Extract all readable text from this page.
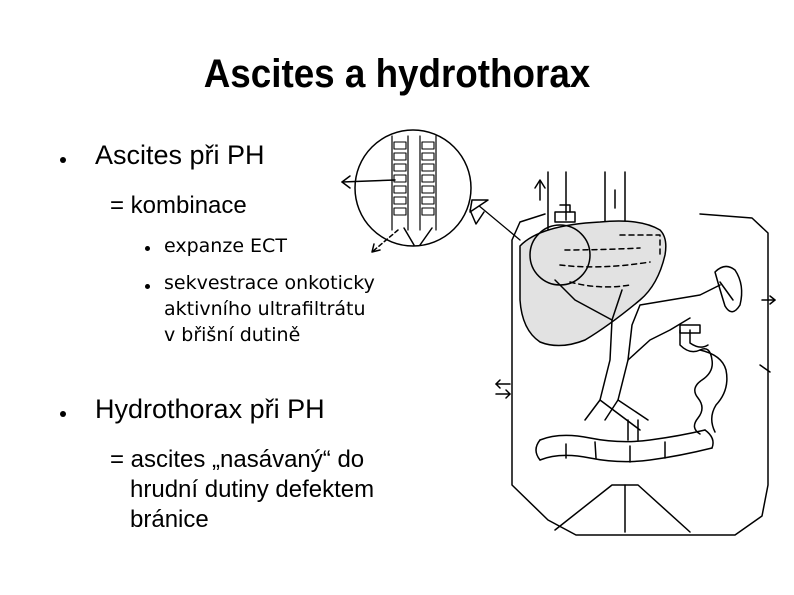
Ascites a hydrothorax
Ascites při PH
= kombinace
expanze ECT
sekvestrace onkoticky
aktivního ultrafiltrátu
v břišní dutině
Hydrothorax při PH
= ascites „nasávaný“ do
hrudní dutiny defektem
bránice
